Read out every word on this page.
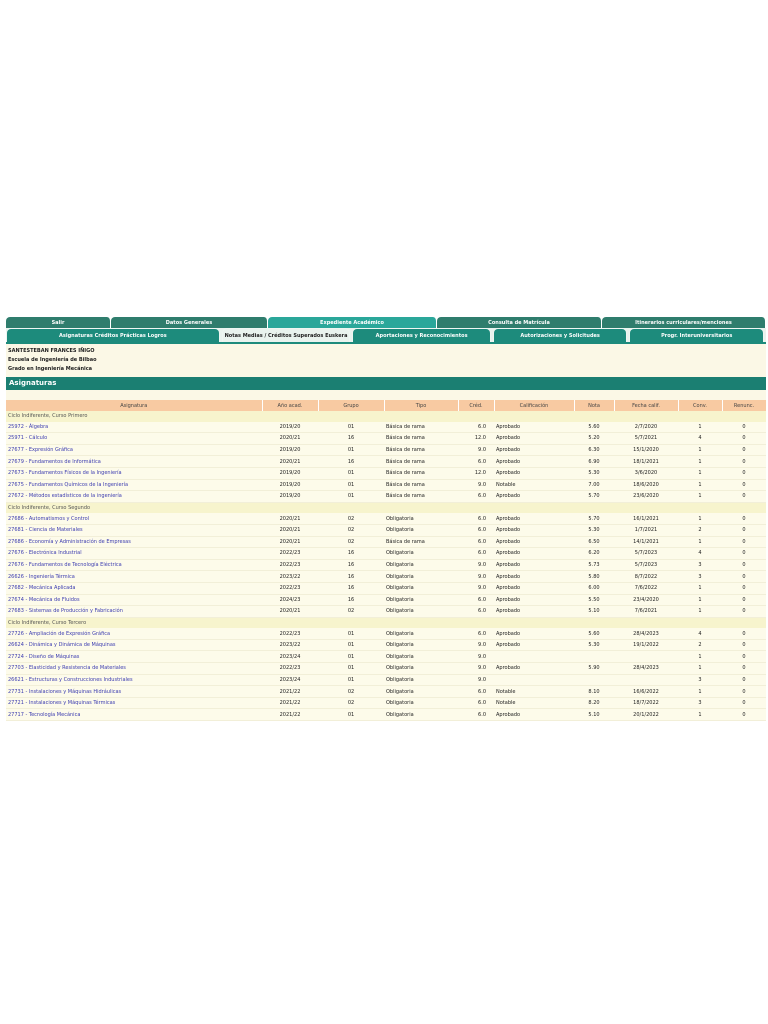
Salir	Datos Generales	Expediente Académico	Consulta de Matrícula	Itinerarios curriculares/menciones
Asignaturas Créditos Prácticas Logros	Notas Medias / Créditos Superados Euskera	Aportaciones y Reconocimientos	Autorizaciones y Solicitudes	Progr. Interuniversitarios
SANTESTEBAN FRANCES IÑIGO
Escuela de Ingeniería de Bilbao
Grado en Ingeniería Mecánica
Asignaturas
Asignatura	Año acad.	Grupo	Tipo	Créd.	Calificación	Nota	Fecha calif.	Conv.	Renunc.
Ciclo Indiferente, Curso Primero									
25972 - Álgebra	2019/20	01	Básica de rama	6.0	Aprobado	5.60	2/7/2020	1	0
25971 - Cálculo	2020/21	16	Básica de rama	12.0	Aprobado	5.20	5/7/2021	4	0
27677 - Expresión Gráfica	2019/20	01	Básica de rama	9.0	Aprobado	6.30	15/1/2020	1	0
27679 - Fundamentos de Informática	2020/21	16	Básica de rama	6.0	Aprobado	6.90	18/1/2021	1	0
27673 - Fundamentos Físicos de la Ingeniería	2019/20	01	Básica de rama	12.0	Aprobado	5.30	3/6/2020	1	0
27675 - Fundamentos Químicos de la Ingeniería	2019/20	01	Básica de rama	9.0	Notable	7.00	18/6/2020	1	0
27672 - Métodos estadísticos de la ingeniería	2019/20	01	Básica de rama	6.0	Aprobado	5.70	23/6/2020	1	0
Ciclo Indiferente, Curso Segundo									
27686 - Automatismos y Control	2020/21	02	Obligatoria	6.0	Aprobado	5.70	16/1/2021	1	0
27681 - Ciencia de Materiales	2020/21	02	Obligatoria	6.0	Aprobado	5.30	1/7/2021	2	0
27686 - Economía y Administración de Empresas	2020/21	02	Básica de rama	6.0	Aprobado	6.50	14/1/2021	1	0
27676 - Electrónica Industrial	2022/23	16	Obligatoria	6.0	Aprobado	6.20	5/7/2023	4	0
27676 - Fundamentos de Tecnología Eléctrica	2022/23	16	Obligatoria	9.0	Aprobado	5.73	5/7/2023	3	0
26626 - Ingeniería Térmica	2023/22	16	Obligatoria	9.0	Aprobado	5.80	8/7/2022	3	0
27682 - Mecánica Aplicada	2022/23	16	Obligatoria	9.0	Aprobado	6.00	7/6/2022	1	0
27674 - Mecánica de Fluidos	2024/23	16	Obligatoria	6.0	Aprobado	5.50	23/4/2020	1	0
27683 - Sistemas de Producción y Fabricación	2020/21	02	Obligatoria	6.0	Aprobado	5.10	7/6/2021	1	0
Ciclo Indiferente, Curso Tercero									
27726 - Ampliación de Expresión Gráfica	2022/23	01	Obligatoria	6.0	Aprobado	5.60	28/4/2023	4	0
26624 - Dinámica y Dinámica de Máquinas	2023/22	01	Obligatoria	9.0	Aprobado	5.30	19/1/2022	2	0
27724 - Diseño de Máquinas	2023/24	01	Obligatoria	9.0				1	0
27703 - Elasticidad y Resistencia de Materiales	2022/23	01	Obligatoria	9.0	Aprobado	5.90	28/4/2023	1	0
26621 - Estructuras y Construcciones Industriales	2023/24	01	Obligatoria	9.0				3	0
27731 - Instalaciones y Máquinas Hidráulicas	2021/22	02	Obligatoria	6.0	Notable	8.10	16/6/2022	1	0
27721 - Instalaciones y Máquinas Térmicas	2021/22	02	Obligatoria	6.0	Notable	8.20	18/7/2022	3	0
27717 - Tecnología Mecánica	2021/22	01	Obligatoria	6.0	Aprobado	5.10	20/1/2022	1	0
